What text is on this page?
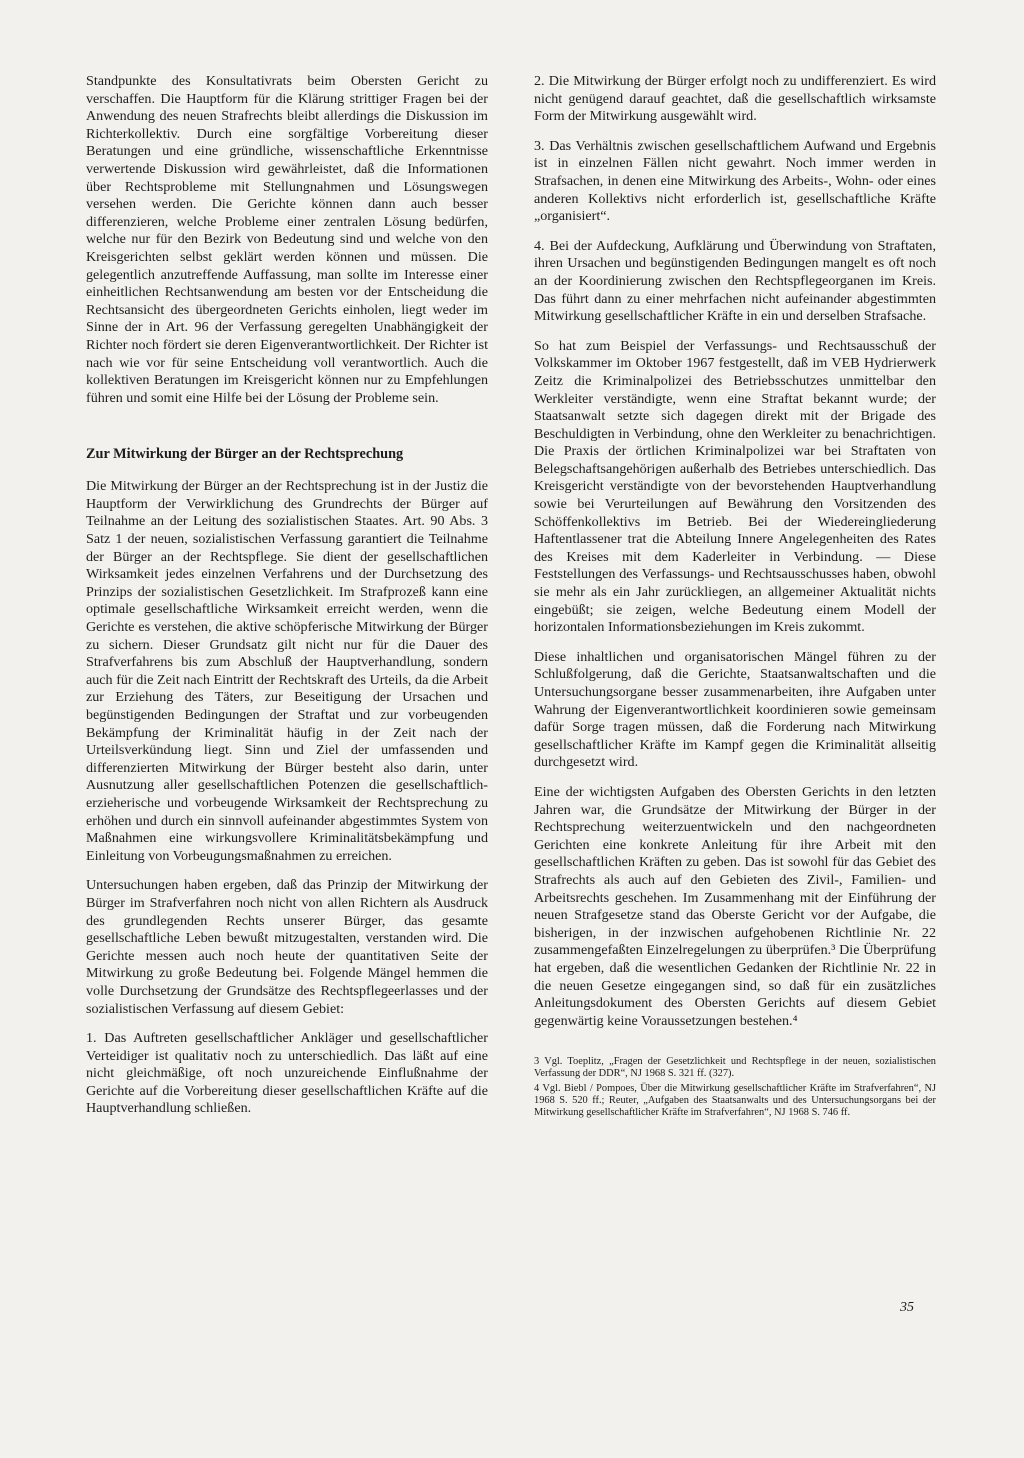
Standpunkte des Konsultativrats beim Obersten Gericht zu verschaffen. Die Hauptform für die Klärung strittiger Fragen bei der Anwendung des neuen Strafrechts bleibt allerdings die Diskussion im Richterkollektiv. Durch eine sorgfältige Vorbereitung dieser Beratungen und eine gründliche, wissenschaftliche Erkenntnisse verwertende Diskussion wird gewährleistet, daß die Informationen über Rechtsprobleme mit Stellungnahmen und Lösungswegen versehen werden. Die Gerichte können dann auch besser differenzieren, welche Probleme einer zentralen Lösung bedürfen, welche nur für den Bezirk von Bedeutung sind und welche von den Kreisgerichten selbst geklärt werden können und müssen. Die gelegentlich anzutreffende Auffassung, man sollte im Interesse einer einheitlichen Rechtsanwendung am besten vor der Entscheidung die Rechtsansicht des übergeordneten Gerichts einholen, liegt weder im Sinne der in Art. 96 der Verfassung geregelten Unabhängigkeit der Richter noch fördert sie deren Eigenverantwortlichkeit. Der Richter ist nach wie vor für seine Entscheidung voll verantwortlich. Auch die kollektiven Beratungen im Kreisgericht können nur zu Empfehlungen führen und somit eine Hilfe bei der Lösung der Probleme sein.

Zur Mitwirkung der Bürger an der Rechtsprechung

Die Mitwirkung der Bürger an der Rechtsprechung ist in der Justiz die Hauptform der Verwirklichung des Grundrechts der Bürger auf Teilnahme an der Leitung des sozialistischen Staates. Art. 90 Abs. 3 Satz 1 der neuen, sozialistischen Verfassung garantiert die Teilnahme der Bürger an der Rechtspflege. Sie dient der gesellschaftlichen Wirksamkeit jedes einzelnen Verfahrens und der Durchsetzung des Prinzips der sozialistischen Gesetzlichkeit. Im Strafprozeß kann eine optimale gesellschaftliche Wirksamkeit erreicht werden, wenn die Gerichte es verstehen, die aktive schöpferische Mitwirkung der Bürger zu sichern. Dieser Grundsatz gilt nicht nur für die Dauer des Strafverfahrens bis zum Abschluß der Hauptverhandlung, sondern auch für die Zeit nach Eintritt der Rechtskraft des Urteils, da die Arbeit zur Erziehung des Täters, zur Beseitigung der Ursachen und begünstigenden Bedingungen der Straftat und zur vorbeugenden Bekämpfung der Kriminalität häufig in der Zeit nach der Urteilsverkündung liegt. Sinn und Ziel der umfassenden und differenzierten Mitwirkung der Bürger besteht also darin, unter Ausnutzung aller gesellschaftlichen Potenzen die gesellschaftlich-erzieherische und vorbeugende Wirksamkeit der Rechtsprechung zu erhöhen und durch ein sinnvoll aufeinander abgestimmtes System von Maßnahmen eine wirkungsvollere Kriminalitätsbekämpfung und Einleitung von Vorbeugungsmaßnahmen zu erreichen.

Untersuchungen haben ergeben, daß das Prinzip der Mitwirkung der Bürger im Strafverfahren noch nicht von allen Richtern als Ausdruck des grundlegenden Rechts unserer Bürger, das gesamte gesellschaftliche Leben bewußt mitzugestalten, verstanden wird. Die Gerichte messen auch noch heute der quantitativen Seite der Mitwirkung zu große Bedeutung bei. Folgende Mängel hemmen die volle Durchsetzung der Grundsätze des Rechtspflegeerlasses und der sozialistischen Verfassung auf diesem Gebiet:

1. Das Auftreten gesellschaftlicher Ankläger und gesellschaftlicher Verteidiger ist qualitativ noch zu unterschiedlich. Das läßt auf eine nicht gleichmäßige, oft noch unzureichende Einflußnahme der Gerichte auf die Vorbereitung dieser gesellschaftlichen Kräfte auf die Hauptverhandlung schließen.

2. Die Mitwirkung der Bürger erfolgt noch zu undifferenziert. Es wird nicht genügend darauf geachtet, daß die gesellschaftlich wirksamste Form der Mitwirkung ausgewählt wird.

3. Das Verhältnis zwischen gesellschaftlichem Aufwand und Ergebnis ist in einzelnen Fällen nicht gewahrt. Noch immer werden in Strafsachen, in denen eine Mitwirkung des Arbeits-, Wohn- oder eines anderen Kollektivs nicht erforderlich ist, gesellschaftliche Kräfte „organisiert“.

4. Bei der Aufdeckung, Aufklärung und Überwindung von Straftaten, ihren Ursachen und begünstigenden Bedingungen mangelt es oft noch an der Koordinierung zwischen den Rechtspflegeorganen im Kreis. Das führt dann zu einer mehrfachen nicht aufeinander abgestimmten Mitwirkung gesellschaftlicher Kräfte in ein und derselben Strafsache.

So hat zum Beispiel der Verfassungs- und Rechtsausschuß der Volkskammer im Oktober 1967 festgestellt, daß im VEB Hydrierwerk Zeitz die Kriminalpolizei des Betriebsschutzes unmittelbar den Werkleiter verständigte, wenn eine Straftat bekannt wurde; der Staatsanwalt setzte sich dagegen direkt mit der Brigade des Beschuldigten in Verbindung, ohne den Werkleiter zu benachrichtigen. Die Praxis der örtlichen Kriminalpolizei war bei Straftaten von Belegschaftsangehörigen außerhalb des Betriebes unterschiedlich. Das Kreisgericht verständigte von der bevorstehenden Hauptverhandlung sowie bei Verurteilungen auf Bewährung den Vorsitzenden des Schöffenkollektivs im Betrieb. Bei der Wiedereingliederung Haftentlassener trat die Abteilung Innere Angelegenheiten des Rates des Kreises mit dem Kaderleiter in Verbindung. — Diese Feststellungen des Verfassungs- und Rechtsausschusses haben, obwohl sie mehr als ein Jahr zurückliegen, an allgemeiner Aktualität nichts eingebüßt; sie zeigen, welche Bedeutung einem Modell der horizontalen Informationsbeziehungen im Kreis zukommt.

Diese inhaltlichen und organisatorischen Mängel führen zu der Schlußfolgerung, daß die Gerichte, Staatsanwaltschaften und die Untersuchungsorgane besser zusammenarbeiten, ihre Aufgaben unter Wahrung der Eigenverantwortlichkeit koordinieren sowie gemeinsam dafür Sorge tragen müssen, daß die Forderung nach Mitwirkung gesellschaftlicher Kräfte im Kampf gegen die Kriminalität allseitig durchgesetzt wird.

Eine der wichtigsten Aufgaben des Obersten Gerichts in den letzten Jahren war, die Grundsätze der Mitwirkung der Bürger in der Rechtsprechung weiterzuentwickeln und den nachgeordneten Gerichten eine konkrete Anleitung für ihre Arbeit mit den gesellschaftlichen Kräften zu geben. Das ist sowohl für das Gebiet des Strafrechts als auch auf den Gebieten des Zivil-, Familien- und Arbeitsrechts geschehen. Im Zusammenhang mit der Einführung der neuen Strafgesetze stand das Oberste Gericht vor der Aufgabe, die bisherigen, in der inzwischen aufgehobenen Richtlinie Nr. 22 zusammengefaßten Einzelregelungen zu überprüfen.³ Die Überprüfung hat ergeben, daß die wesentlichen Gedanken der Richtlinie Nr. 22 in die neuen Gesetze eingegangen sind, so daß für ein zusätzliches Anleitungsdokument des Obersten Gerichts auf diesem Gebiet gegenwärtig keine Voraussetzungen bestehen.⁴

3 Vgl. Toeplitz, „Fragen der Gesetzlichkeit und Rechtspflege in der neuen, sozialistischen Verfassung der DDR“, NJ 1968 S. 321 ff. (327).

4 Vgl. Biebl / Pompoes, Über die Mitwirkung gesellschaftlicher Kräfte im Strafverfahren“, NJ 1968 S. 520 ff.; Reuter, „Aufgaben des Staatsanwalts und des Untersuchungsorgans bei der Mitwirkung gesellschaftlicher Kräfte im Strafverfahren“, NJ 1968 S. 746 ff.

35
